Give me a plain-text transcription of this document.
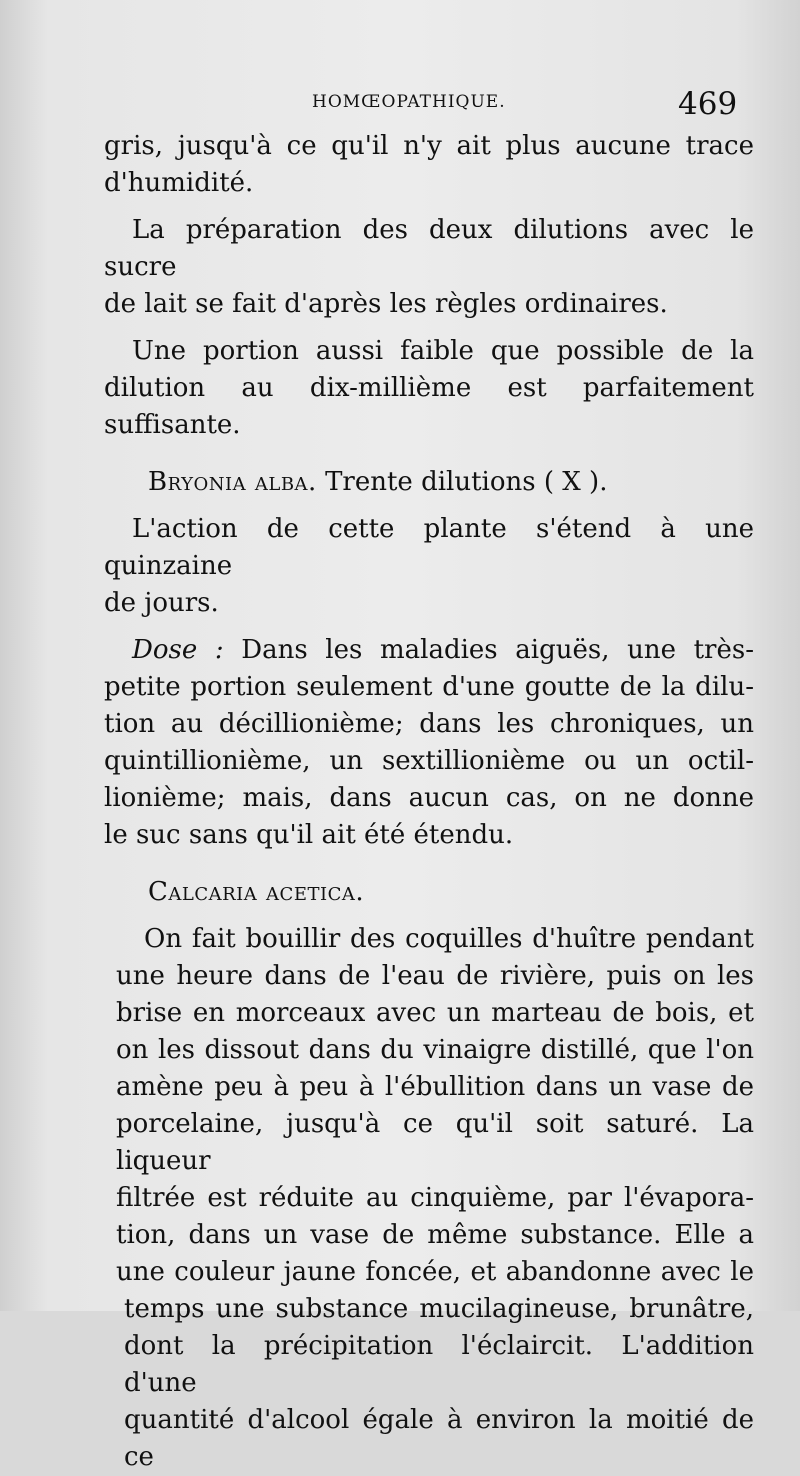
HOMŒOPATHIQUE.	469

gris, jusqu'à ce qu'il n'y ait plus aucune trace

d'humidité.

La préparation des deux dilutions avec le sucre

de lait se fait d'après les règles ordinaires.

Une portion aussi faible que possible de la

dilution au dix-millième est parfaitement suffisante.

Bryonia alba. Trente dilutions ( X ).

L'action de cette plante s'étend à une quinzaine

de jours.

Dose : Dans les maladies aiguës, une très-

petite portion seulement d'une goutte de la dilu-

tion au décillionième; dans les chroniques, un

quintillionième, un sextillionième ou un octil-

lionième; mais, dans aucun cas, on ne donne

le suc sans qu'il ait été étendu.

Calcaria acetica.

On fait bouillir des coquilles d'huître pendant

une heure dans de l'eau de rivière, puis on les

brise en morceaux avec un marteau de bois, et

on les dissout dans du vinaigre distillé, que l'on

amène peu à peu à l'ébullition dans un vase de

porcelaine, jusqu'à ce qu'il soit saturé. La liqueur

filtrée est réduite au cinquième, par l'évapora-

tion, dans un vase de même substance. Elle a

une couleur jaune foncée, et abandonne avec le

temps une substance mucilagineuse, brunâtre,

dont la précipitation l'éclaircit. L'addition d'une

quantité d'alcool égale à environ la moitié de ce
